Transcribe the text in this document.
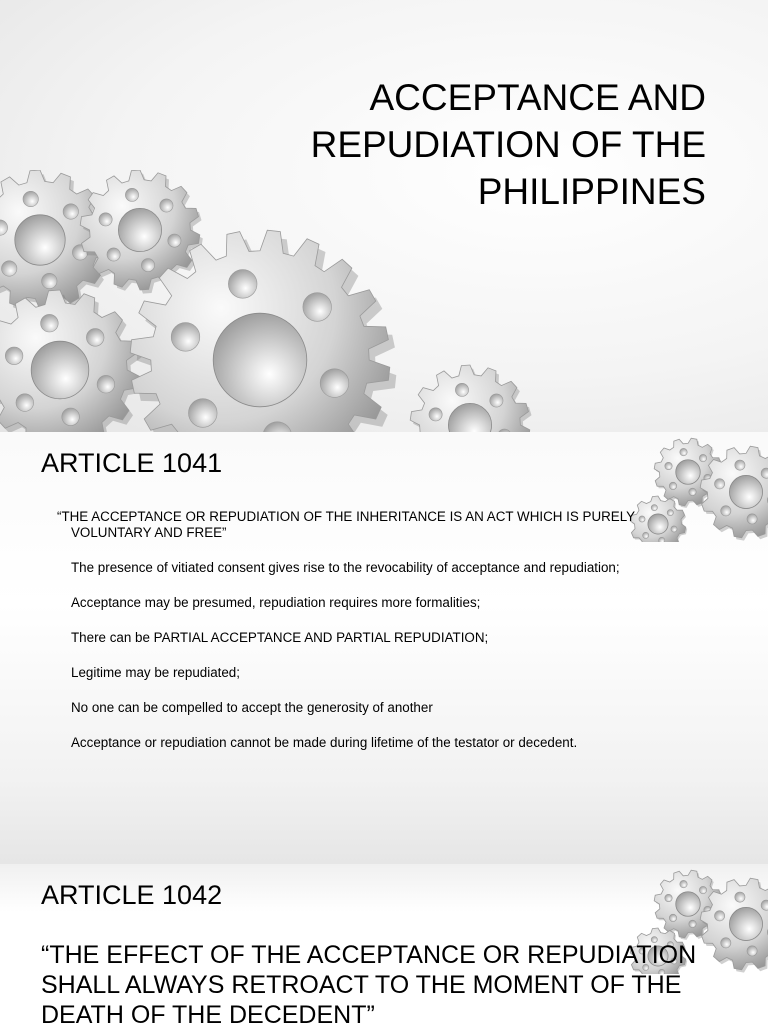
ACCEPTANCE AND
REPUDIATION OF THE
PHILIPPINES
ARTICLE 1041

“THE ACCEPTANCE OR REPUDIATION OF THE INHERITANCE IS AN ACT WHICH IS PURELY
VOLUNTARY AND FREE”

The presence of vitiated consent gives rise to the revocability of acceptance and repudiation;
Acceptance may be presumed, repudiation requires more formalities;
There can be PARTIAL ACCEPTANCE AND PARTIAL REPUDIATION;
Legitime may be repudiated;
No one can be compelled to accept the generosity of another
Acceptance or repudiation cannot be made during lifetime of the testator or decedent.
ARTICLE 1042

“THE EFFECT OF THE ACCEPTANCE OR REPUDIATION
SHALL ALWAYS RETROACT TO THE MOMENT OF THE
DEATH OF THE DECEDENT”
